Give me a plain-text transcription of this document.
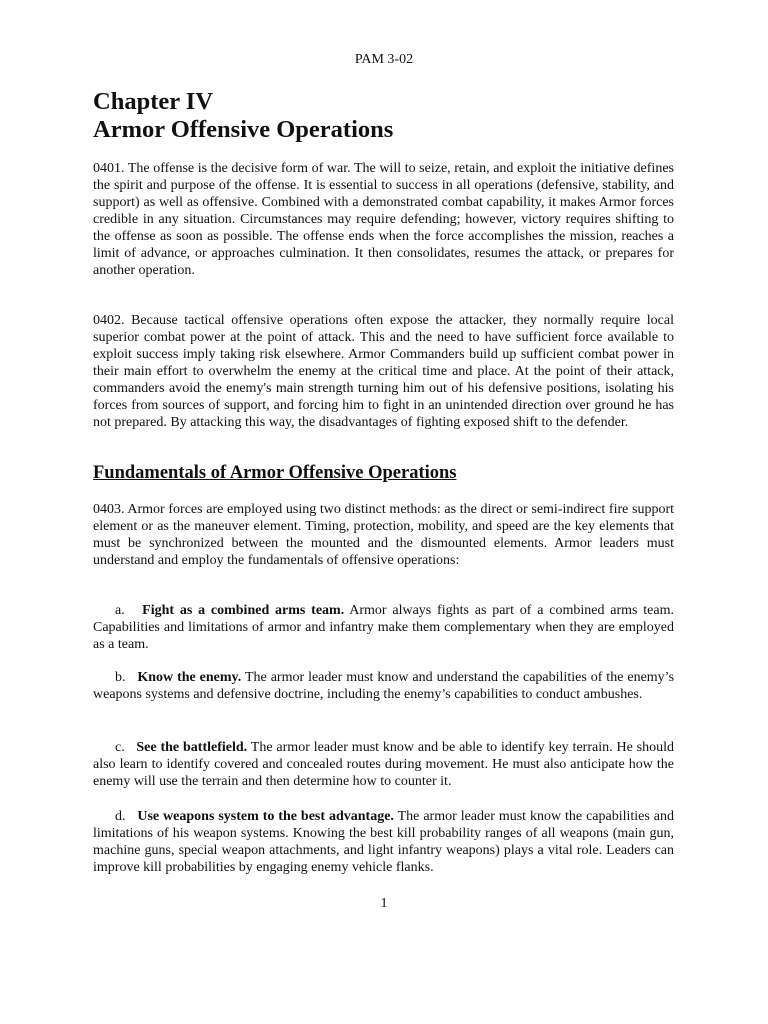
PAM 3-02
Chapter IV
Armor Offensive Operations

0401. The offense is the decisive form of war. The will to seize, retain, and exploit the initiative defines the spirit and purpose of the offense. It is essential to success in all operations (defensive, stability, and support) as well as offensive. Combined with a demonstrated combat capability, it makes Armor forces credible in any situation. Circumstances may require defending; however, victory requires shifting to the offense as soon as possible. The offense ends when the force accomplishes the mission, reaches a limit of advance, or approaches culmination. It then consolidates, resumes the attack, or prepares for another operation.

0402. Because tactical offensive operations often expose the attacker, they normally require local superior combat power at the point of attack. This and the need to have sufficient force available to exploit success imply taking risk elsewhere. Armor Commanders build up sufficient combat power in their main effort to overwhelm the enemy at the critical time and place. At the point of their attack, commanders avoid the enemy's main strength turning him out of his defensive positions, isolating his forces from sources of support, and forcing him to fight in an unintended direction over ground he has not prepared. By attacking this way, the disadvantages of fighting exposed shift to the defender.

Fundamentals of Armor Offensive Operations

0403. Armor forces are employed using two distinct methods: as the direct or semi-indirect fire support element or as the maneuver element. Timing, protection, mobility, and speed are the key elements that must be synchronized between the mounted and the dismounted elements. Armor leaders must understand and employ the fundamentals of offensive operations:

a. Fight as a combined arms team. Armor always fights as part of a combined arms team. Capabilities and limitations of armor and infantry make them complementary when they are employed as a team.

b. Know the enemy. The armor leader must know and understand the capabilities of the enemy’s weapons systems and defensive doctrine, including the enemy’s capabilities to conduct ambushes.

c. See the battlefield. The armor leader must know and be able to identify key terrain. He should also learn to identify covered and concealed routes during movement. He must also anticipate how the enemy will use the terrain and then determine how to counter it.

d. Use weapons system to the best advantage. The armor leader must know the capabilities and limitations of his weapon systems. Knowing the best kill probability ranges of all weapons (main gun, machine guns, special weapon attachments, and light infantry weapons) plays a vital role. Leaders can improve kill probabilities by engaging enemy vehicle flanks.

1
